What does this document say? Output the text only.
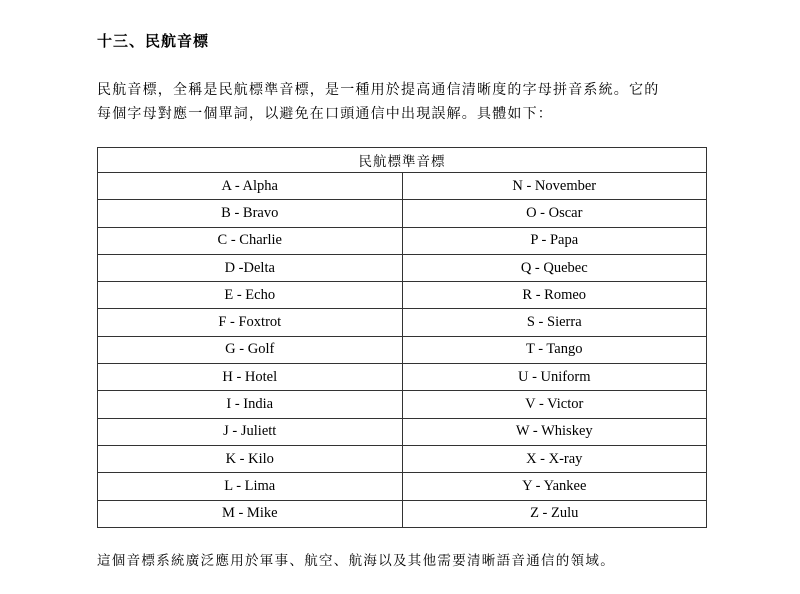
十三、民航音標
民航音標，全稱是民航標準音標，是一種用於提高通信清晰度的字母拼音系統。它的
每個字母對應一個單詞，以避免在口頭通信中出現誤解。具體如下：
民航標準音標	
A - Alpha	N - November
B - Bravo	O - Oscar
C - Charlie	P - Papa
D -Delta	Q - Quebec
E - Echo	R - Romeo
F - Foxtrot	S - Sierra
G - Golf	T - Tango
H - Hotel	U - Uniform
I - India	V - Victor
J - Juliett	W - Whiskey
K - Kilo	X - X-ray
L - Lima	Y - Yankee
M - Mike	Z - Zulu
這個音標系統廣泛應用於軍事、航空、航海以及其他需要清晰語音通信的領域。
